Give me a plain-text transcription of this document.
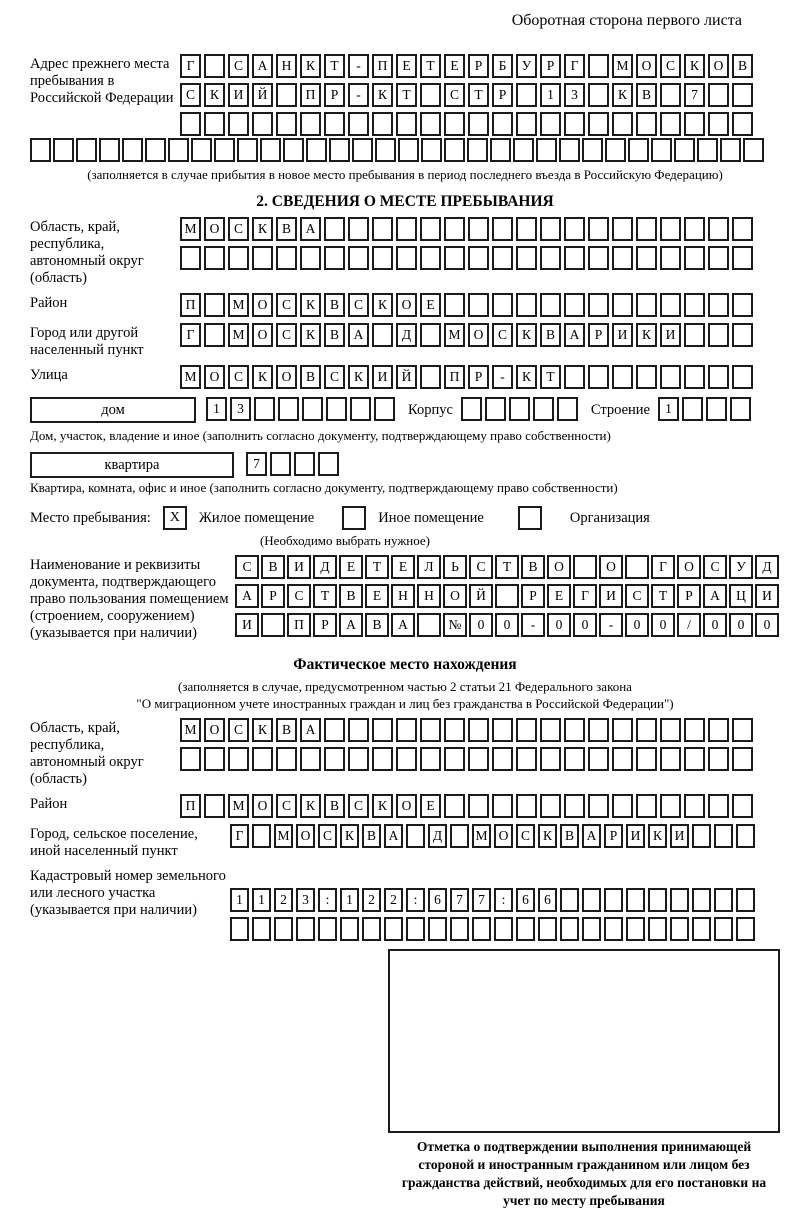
Оборотная сторона первого листа
Адрес прежнего места пребывания в Российской Федерации
Г	С	А	Н	К	Т	-	П	Е	Т	Е	Р	Б	У	Р	Г	М О	С	К	О	В
С	К	И	Й	П	Р	-	К	Т	С	Т	Р	1	3	К	В	7
(заполняется в случае прибытия в новое место пребывания в период последнего въезда в Российскую Федерацию)
2. СВЕДЕНИЯ О МЕСТЕ ПРЕБЫВАНИЯ
Область, край, республика, автономный округ (область)
М О	С	К	В	А
Район	П	М О	С	К	В	С	К	О	Е
Город или другой населенный пункт
Г	М О	С	К	В	А	Д	М О	С	К	В	А	Р	И	К	И
Улица	М О	С	К	О	В	С	К	И	Й	П	Р	-	К	Т
дом	1	3	Корпус	Строение	1
Дом, участок, владение и иное (заполнить согласно документу, подтверждающему право собственности)
квартира	7
Квартира, комната, офис и иное (заполнить согласно документу, подтверждающему право собственности)
Место пребывания:	X	Жилое помещение	Иное помещение	Организация
(Необходимо выбрать нужное)
Наименование и реквизиты документа, подтверждающего право пользования помещением (строением, сооружением) (указывается при наличии)
С	В	И	Д	Е	Т	Е	Л	Ь	С	Т	В	О	О	Г	О	С	У	Д
А	Р	С	Т	В	Е	Н	Н	О	Й	Р	Е	Г	И	С	Т	Р	А	Ц	И
И	П	Р	А	В	А	№	0	0	-	0	0	-	0	0	/	0	0	0
Фактическое место нахождения
(заполняется в случае, предусмотренном частью 2 статьи 21 Федерального закона
"О миграционном учете иностранных граждан и лиц без гражданства в Российской Федерации")
Область, край, республика, автономный округ (область)
М О	С	К	В	А
Район	П	М О	С	К	В	С	К	О	Е
Город, сельское поселение, иной населенный пункт
Г	М О С К В А	Д	М О С К В А Р И К И
Кадастровый номер земельного или лесного участка (указывается при наличии)
1	1	2	3	:	1	2	2	:	6	7	7	:	6	6
Отметка о подтверждении выполнения принимающей стороной и иностранным гражданином или лицом без гражданства действий, необходимых для его постановки на учет по месту пребывания
